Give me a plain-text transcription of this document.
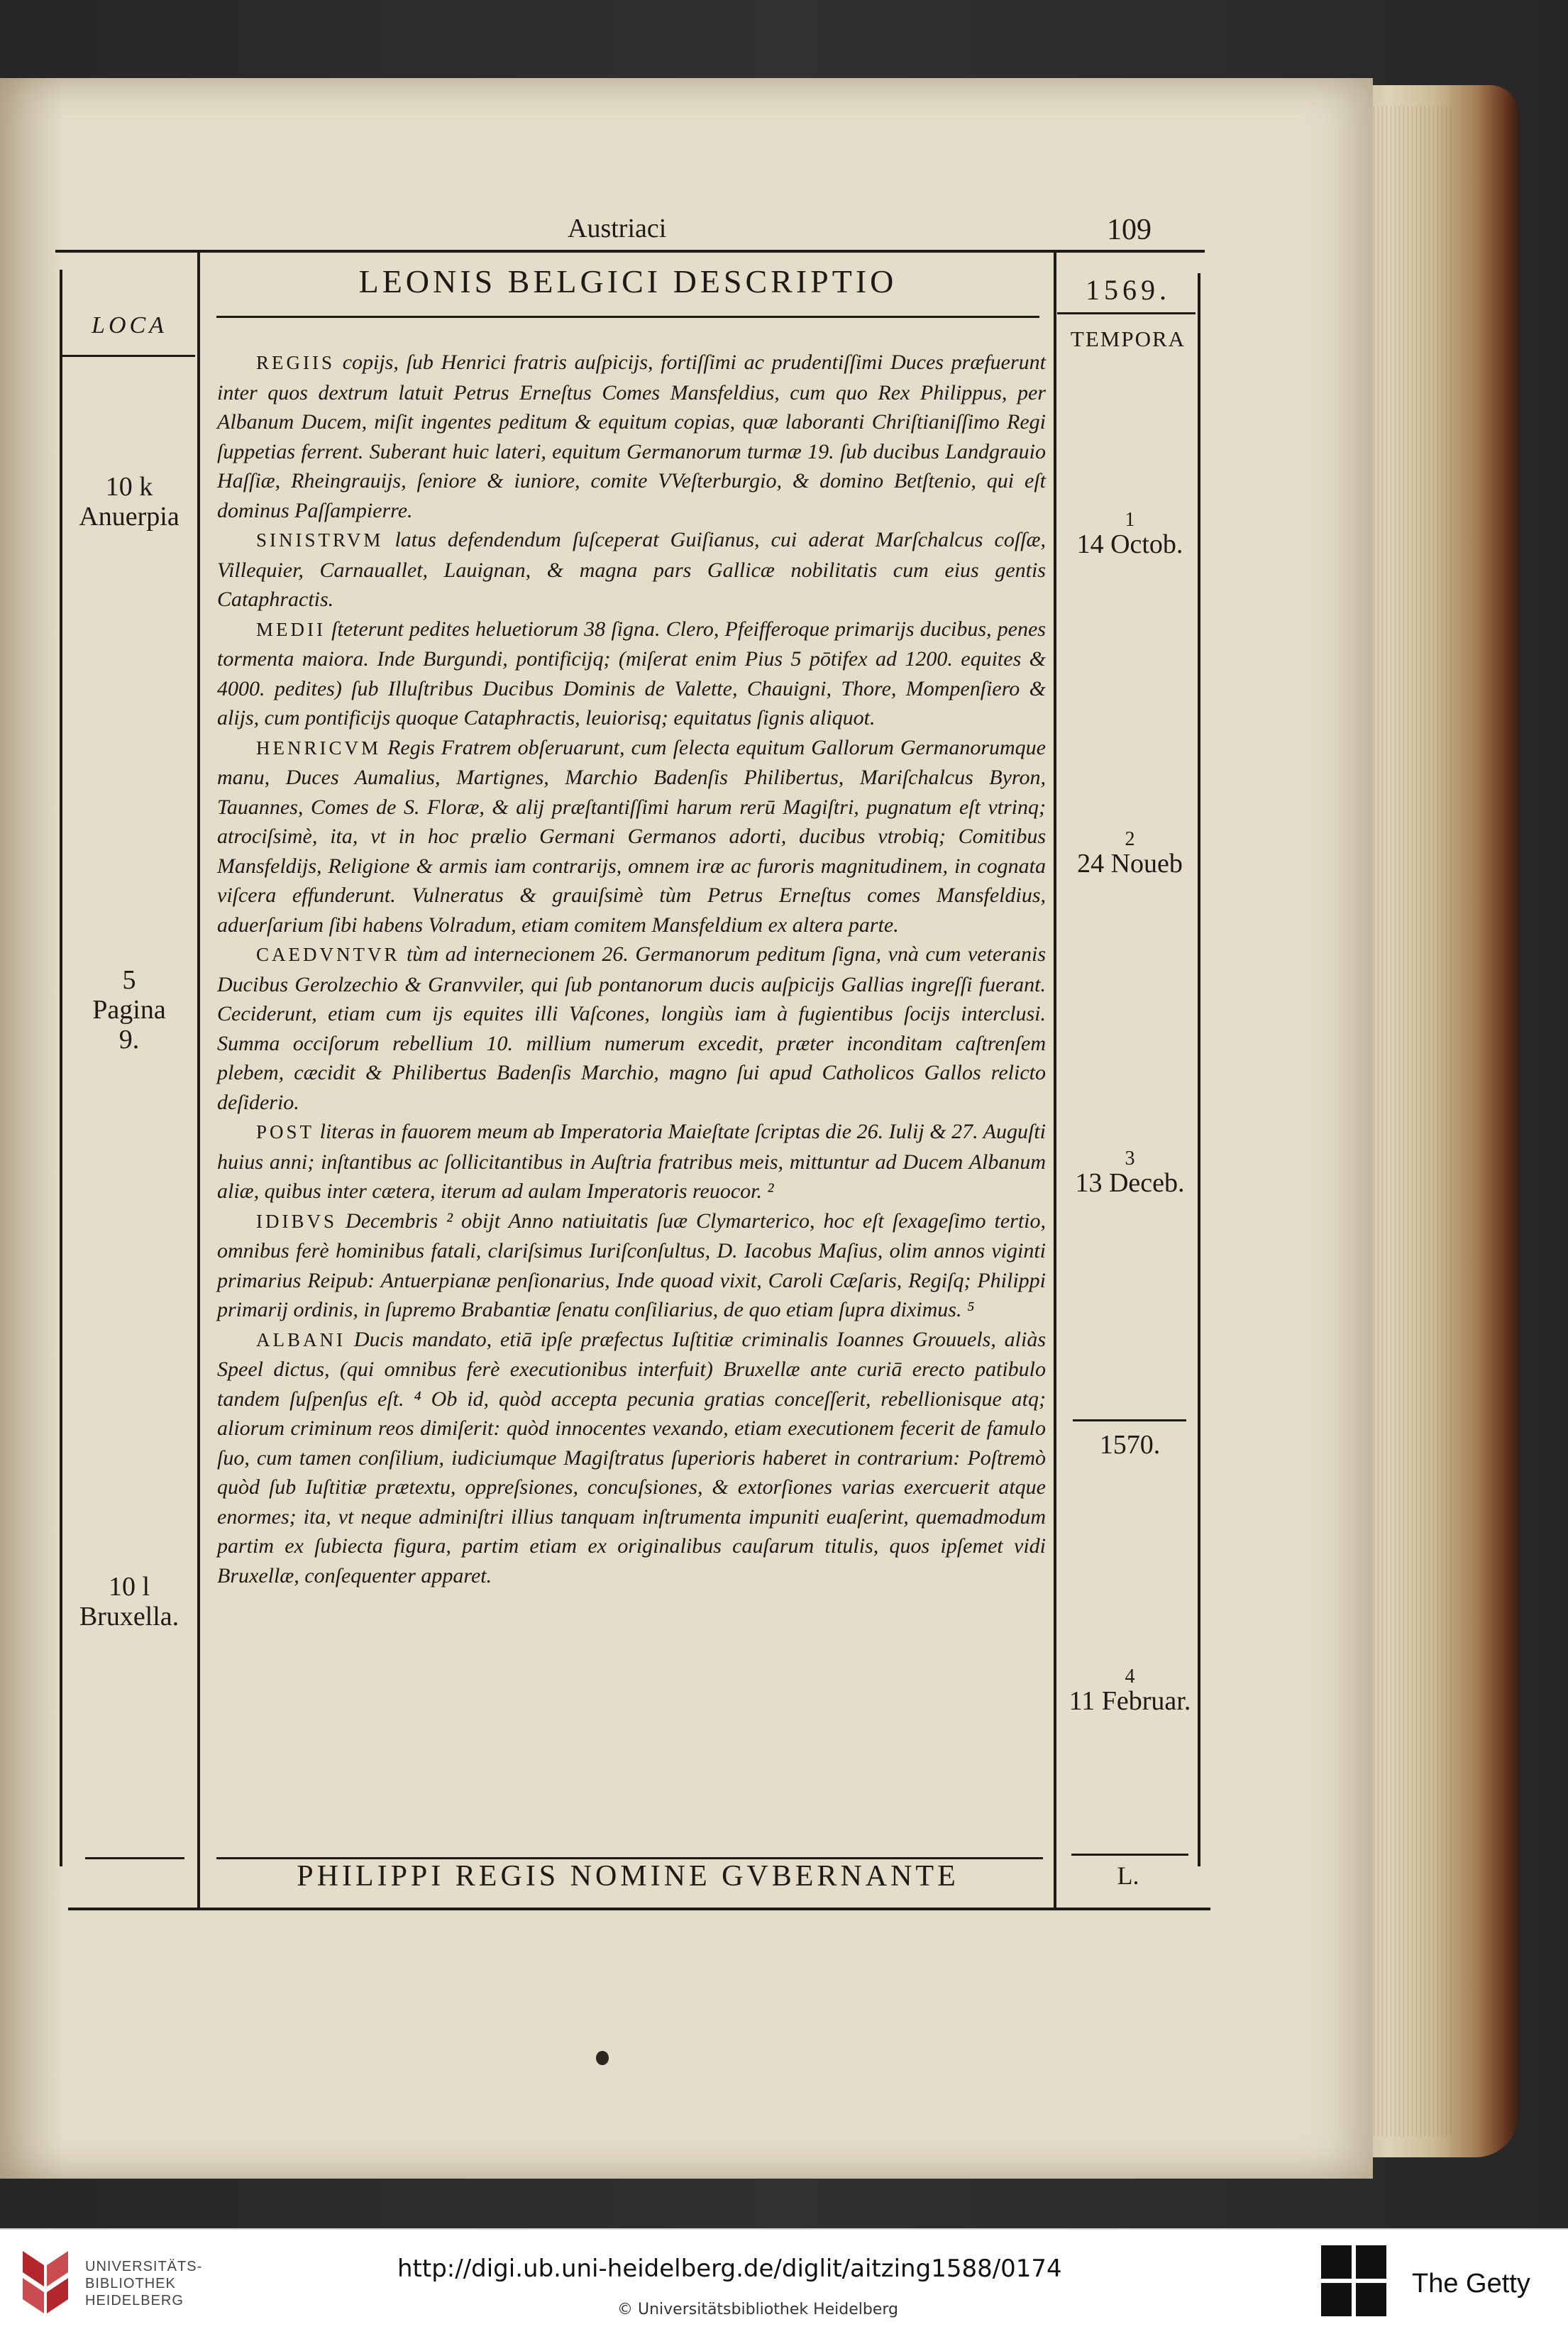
Austriaci	109
LEONIS BELGICI DESCRIPTIO	1569.
LOCA
TEMPORA

REGIIS copijs, ſub Henrici fratris auſpicijs, fortiſſimi ac prudentiſſimi Duces præfuerunt inter quos dextrum latuit Petrus Erneſtus Comes Mansfeldius, cum quo Rex Philippus, per Albanum Ducem, miſit ingentes peditum & equitum copias, quæ laboranti Chriſtianiſſimo Regi ſuppetias ferrent. Suberant huic lateri, equitum Germanorum turmæ 19. ſub ducibus Landgrauio Haſſiæ, Rheingrauijs, ſeniore & iuniore, comite VVeſterburgio, & domino Betſtenio, qui eſt dominus Paſſampierre.

SINISTRVM latus defendendum ſuſceperat Guiſianus, cui aderat Marſchalcus coſſæ, Villequier, Carnauallet, Lauignan, & magna pars Gallicæ nobilitatis cum eius gentis Cataphractis.

MEDII ſteterunt pedites heluetiorum 38 ſigna. Clero, Pfeifferoque primarijs ducibus, penes tormenta maiora. Inde Burgundi, pontificijq; (miſerat enim Pius 5 pōtifex ad 1200. equites & 4000. pedites) ſub Illuſtribus Ducibus Dominis de Valette, Chauigni, Thore, Mompenſiero & alijs, cum pontificijs quoque Cataphractis, leuiorisq; equitatus ſignis aliquot.

HENRICVM Regis Fratrem obſeruarunt, cum ſelecta equitum Gallorum Germanorumque manu, Duces Aumalius, Martignes, Marchio Badenſis Philibertus, Mariſchalcus Byron, Tauannes, Comes de S. Floræ, & alij præſtantiſſimi harum rerū Magiſtri, pugnatum eſt vtrinq; atrociſsimè, ita, vt in hoc prælio Germani Germanos adorti, ducibus vtrobiq; Comitibus Mansfeldijs, Religione & armis iam contrarijs, omnem iræ ac furoris magnitudinem, in cognata viſcera effunderunt. Vulneratus & grauiſsimè tùm Petrus Erneſtus comes Mansfeldius, aduerſarium ſibi habens Volradum, etiam comitem Mansfeldium ex altera parte.

CAEDVNTVR tùm ad internecionem 26. Germanorum peditum ſigna, vnà cum veteranis Ducibus Gerolzechio & Granvviler, qui ſub pontanorum ducis auſpicijs Gallias ingreſſi fuerant. Ceciderunt, etiam cum ijs equites illi Vaſcones, longiùs iam à fugientibus ſocijs interclusi. Summa occiſorum rebellium 10. millium numerum excedit, præter inconditam caſtrenſem plebem, cæcidit & Philibertus Badenſis Marchio, magno ſui apud Catholicos Gallos relicto deſiderio.

POST literas in fauorem meum ab Imperatoria Maieſtate ſcriptas die 26. Iulij & 27. Auguſti huius anni; inſtantibus ac ſollicitantibus in Auſtria fratribus meis, mittuntur ad Ducem Albanum aliæ, quibus inter cætera, iterum ad aulam Imperatoris reuocor. ²

IDIBVS Decembris ² obijt Anno natiuitatis ſuæ Clymarterico, hoc eſt ſexageſimo tertio, omnibus ferè hominibus fatali, clariſsimus Iuriſconſultus, D. Iacobus Maſius, olim annos viginti primarius Reipub: Antuerpianæ penſionarius, Inde quoad vixit, Caroli Cæſaris, Regiſq; Philippi primarij ordinis, in ſupremo Brabantiæ ſenatu conſiliarius, de quo etiam ſupra diximus. ⁵

ALBANI Ducis mandato, etiā ipſe præfectus Iuſtitiæ criminalis Ioannes Grouuels, aliàs Speel dictus, (qui omnibus ferè executionibus interfuit) Bruxellæ ante curiā erecto patibulo tandem ſuſpenſus eſt. ⁴ Ob id, quòd accepta pecunia gratias conceſſerit, rebellionisque atq; aliorum criminum reos dimiſerit: quòd innocentes vexando, etiam executionem fecerit de famulo ſuo, cum tamen conſilium, iudiciumque Magiſtratus ſuperioris haberet in contrarium: Poſtremò quòd ſub Iuſtitiæ prætextu, oppreſsiones, concuſsiones, & extorſiones varias exercuerit atque enormes; ita, vt neque adminiſtri illius tanquam inſtrumenta impuniti euaſerint, quemadmodum partim ex ſubiecta figura, partim etiam ex originalibus cauſarum titulis, quos ipſemet vidi Bruxellæ, conſequenter apparet.

10 k
Anuerpia
5
Pagina
9.
10 l
Bruxella.
1
14 Octob.
2
24 Noueb
3
13 Deceb.
1570.
4
11 Februar.
PHILIPPI REGIS NOMINE GVBERNANTE	L.
UNIVERSITÄTS-
BIBLIOTHEK
HEIDELBERG
http://digi.ub.uni-heidelberg.de/diglit/aitzing1588/0174
© Universitätsbibliothek Heidelberg
The Getty
